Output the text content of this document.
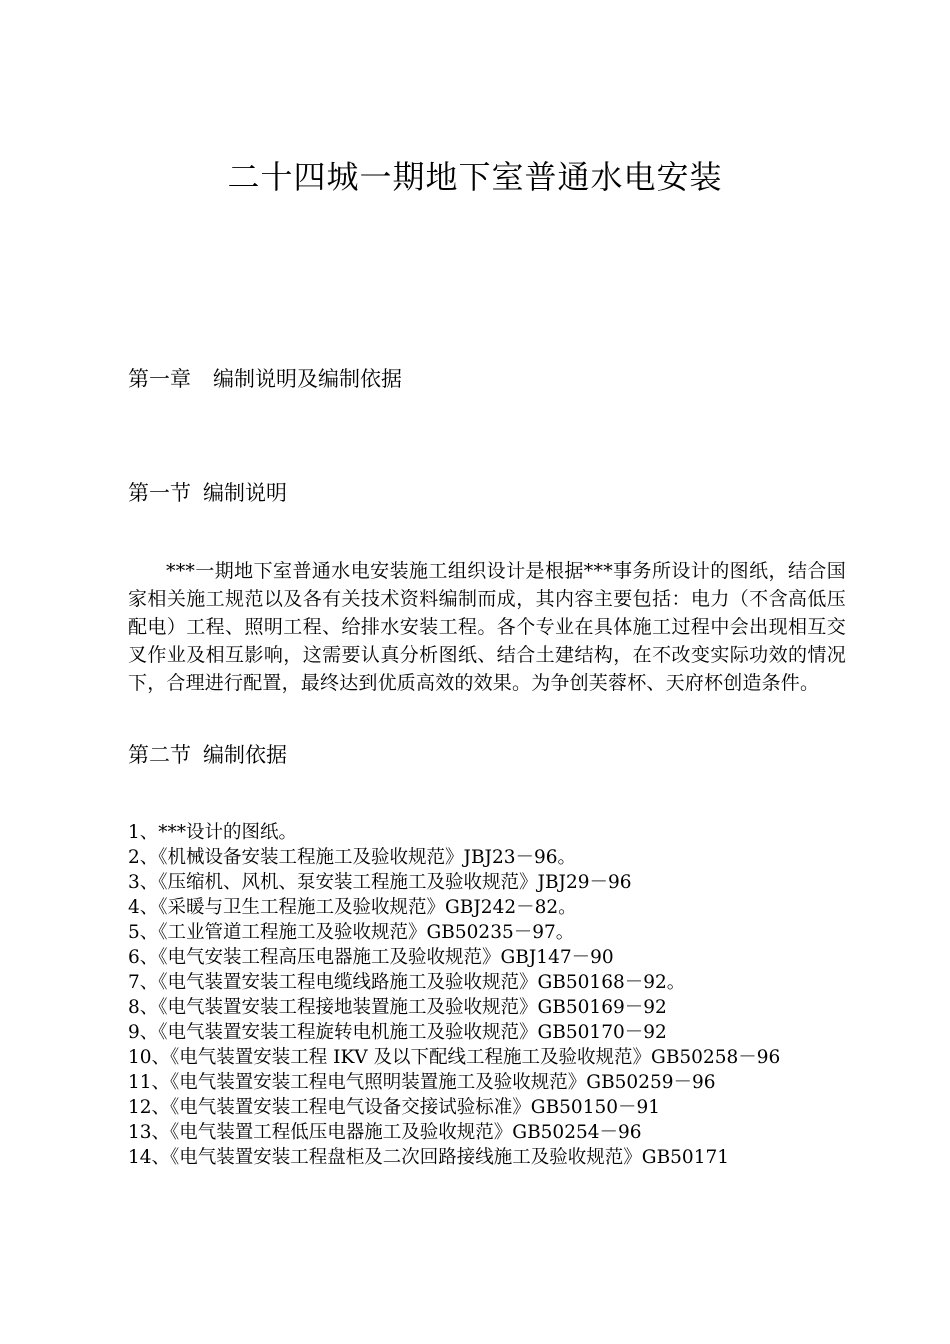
二十四城一期地下室普通水电安装
第一章 编制说明及编制依据
第一节 编制说明

***一期地下室普通水电安装施工组织设计是根据***事务所设计的图纸，结合国家相关施工规范以及各有关技术资料编制而成，其内容主要包括：电力（不含高低压配电）工程、照明工程、给排水安装工程。各个专业在具体施工过程中会出现相互交叉作业及相互影响，这需要认真分析图纸、结合土建结构，在不改变实际功效的情况下，合理进行配置，最终达到优质高效的效果。为争创芙蓉杯、天府杯创造条件。

第二节 编制依据
1、***设计的图纸。
2、《机械设备安装工程施工及验收规范》JBJ23－96。
3、《压缩机、风机、泵安装工程施工及验收规范》JBJ29－96
4、《采暖与卫生工程施工及验收规范》GBJ242－82。
5、《工业管道工程施工及验收规范》GB50235－97。
6、《电气安装工程高压电器施工及验收规范》GBJ147－90
7、《电气装置安装工程电缆线路施工及验收规范》GB50168－92。
8、《电气装置安装工程接地装置施工及验收规范》GB50169－92
9、《电气装置安装工程旋转电机施工及验收规范》GB50170－92
10、《电气装置安装工程 IKV 及以下配线工程施工及验收规范》GB50258－96
11、《电气装置安装工程电气照明装置施工及验收规范》GB50259－96
12、《电气装置安装工程电气设备交接试验标准》GB50150－91
13、《电气装置工程低压电器施工及验收规范》GB50254－96
14、《电气装置安装工程盘柜及二次回路接线施工及验收规范》GB50171
